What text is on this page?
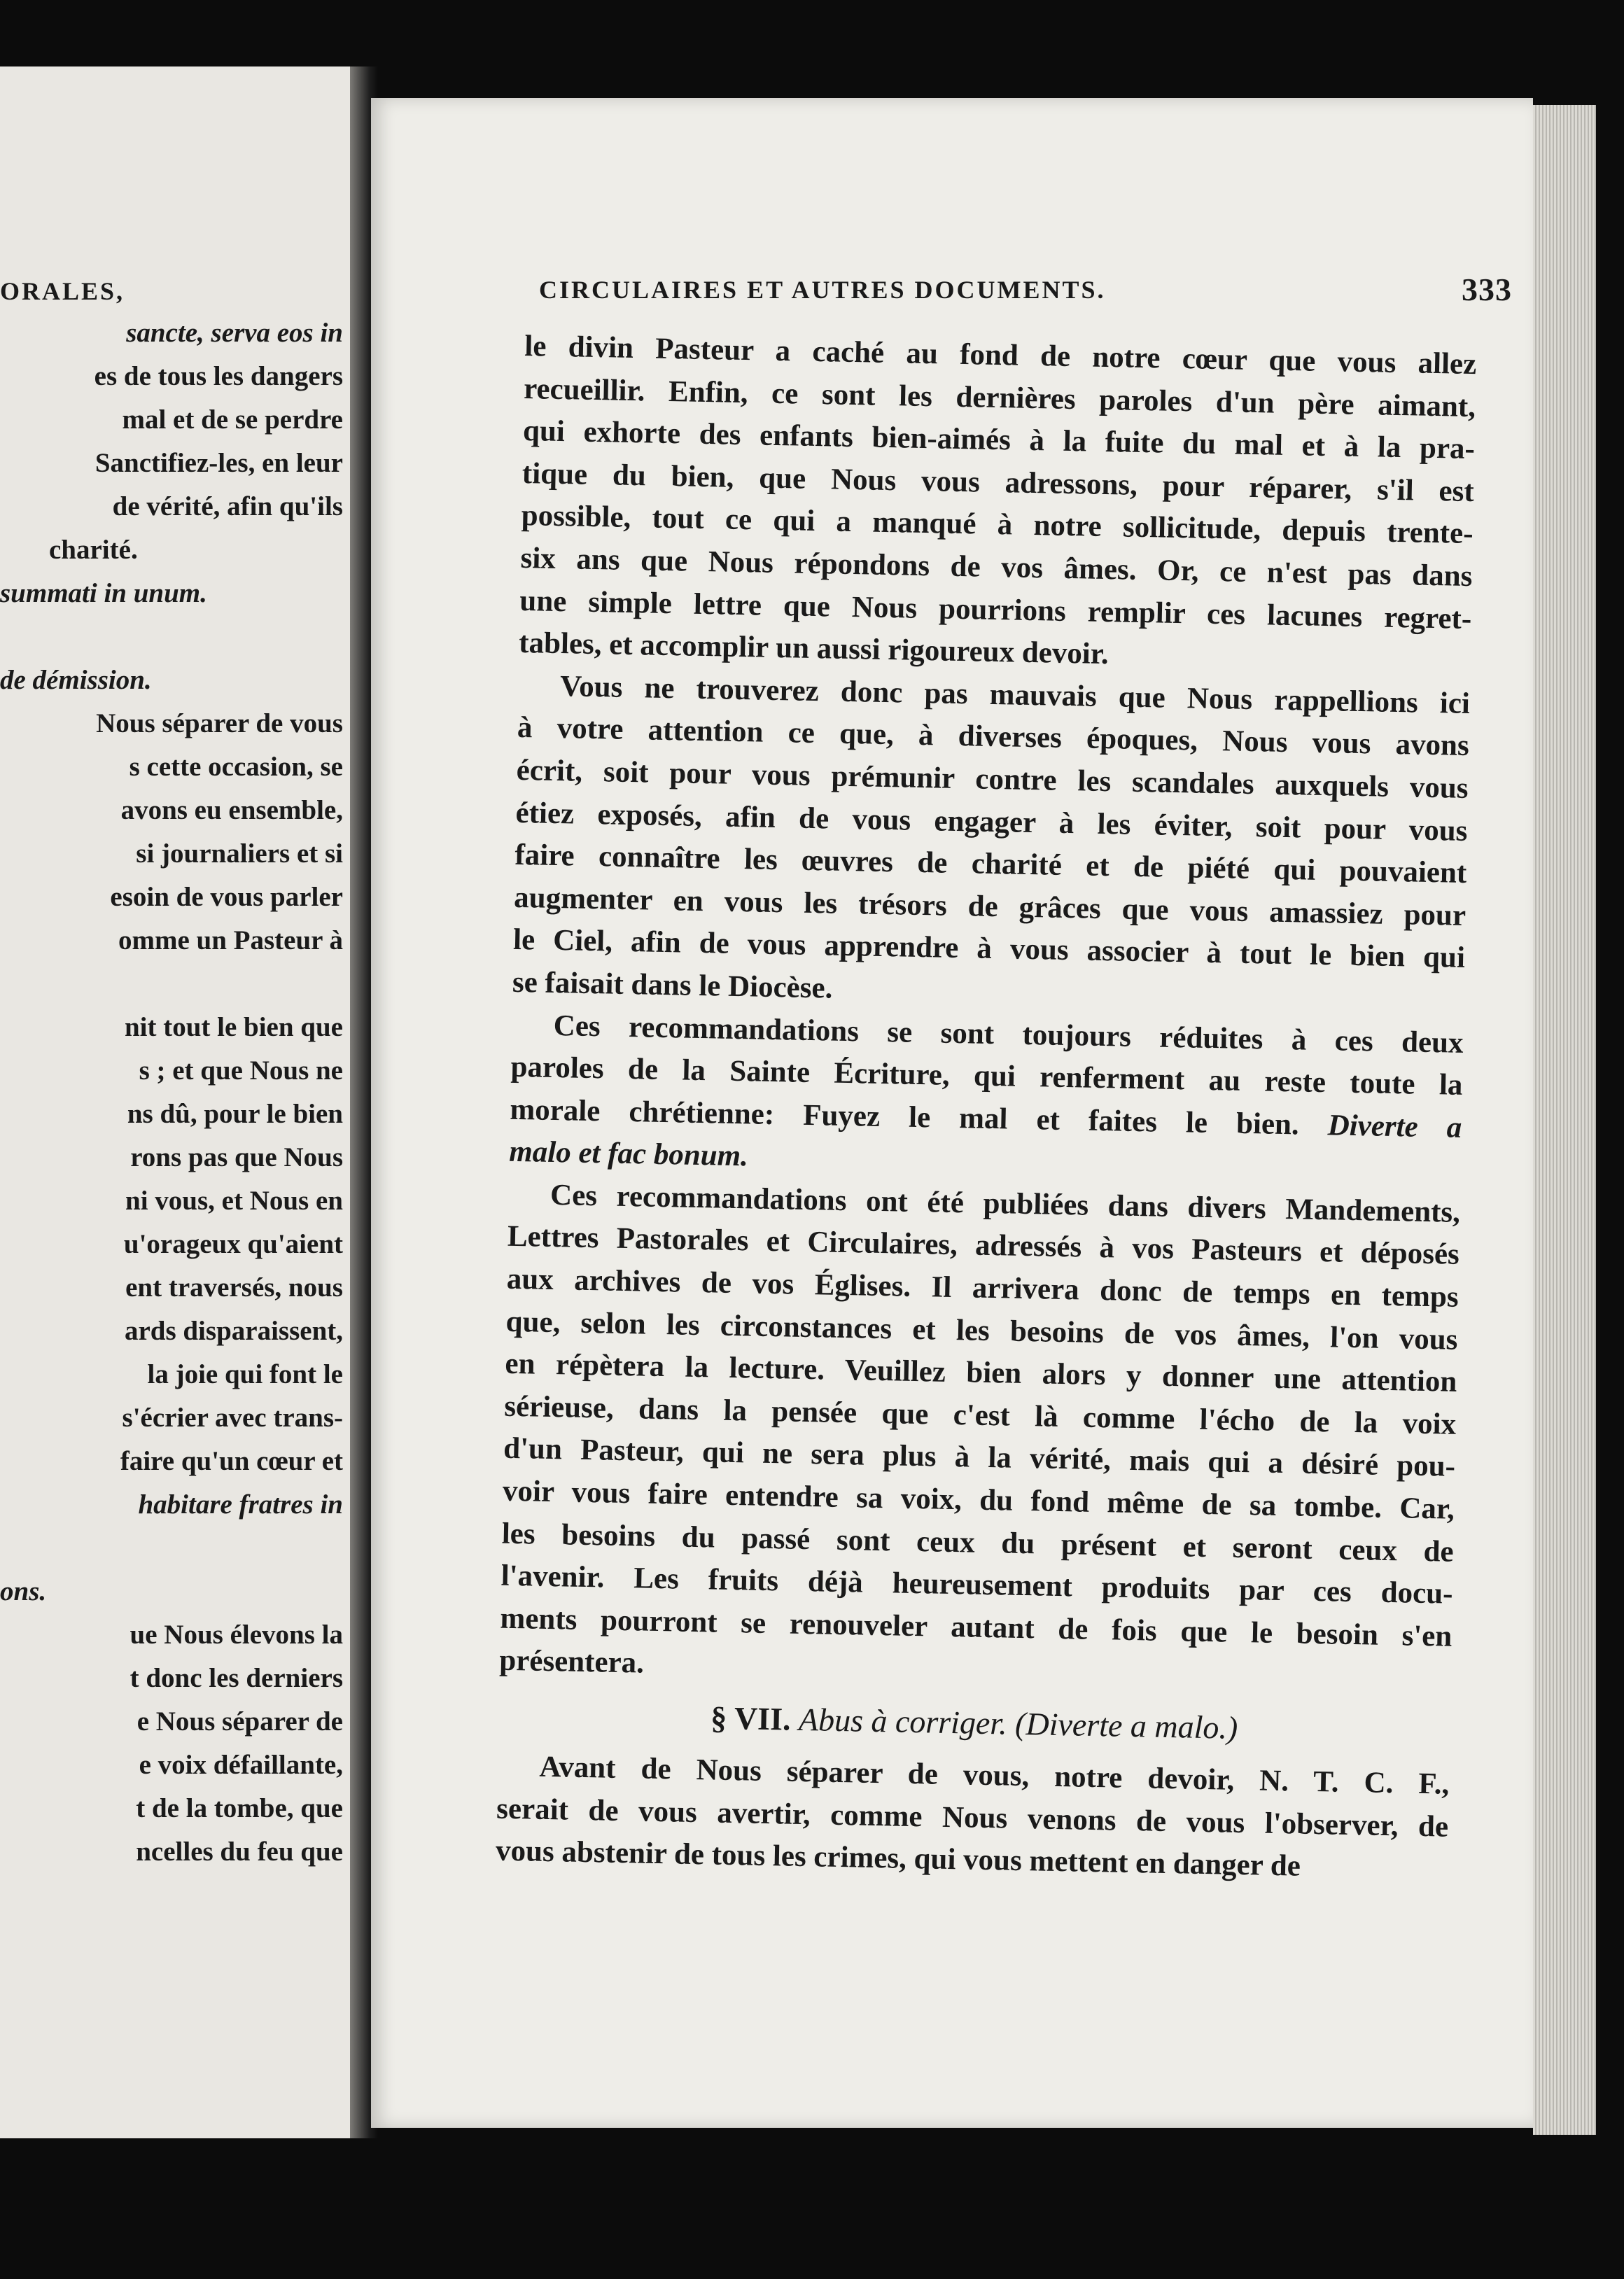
ORALES,
sancte, serva eos in
es de tous les dangers
mal et de se perdre
Sanctifiez-les, en leur
de vérité, afin qu'ils
charité.
summati in unum.
de démission.
Nous séparer de vous
s cette occasion, se
avons eu ensemble,
si journaliers et si
esoin de vous parler
omme un Pasteur à
nit tout le bien que
s ; et que Nous ne
ns dû, pour le bien
rons pas que Nous
ni vous, et Nous en
u'orageux qu'aient
ent traversés, nous
ards disparaissent,
la joie qui font le
s'écrier avec trans-
faire qu'un cœur et
habitare fratres in
ons.
ue Nous élevons la
t donc les derniers
e Nous séparer de
e voix défaillante,
t de la tombe, que
ncelles du feu que
CIRCULAIRES ET AUTRES DOCUMENTS.	333
le divin Pasteur a caché au fond de notre cœur que vous allez
recueillir. Enfin, ce sont les dernières paroles d'un père aimant,
qui exhorte des enfants bien-aimés à la fuite du mal et à la pra-
tique du bien, que Nous vous adressons, pour réparer, s'il est
possible, tout ce qui a manqué à notre sollicitude, depuis trente-
six ans que Nous répondons de vos âmes. Or, ce n'est pas dans
une simple lettre que Nous pourrions remplir ces lacunes regret-
tables, et accomplir un aussi rigoureux devoir.
Vous ne trouverez donc pas mauvais que Nous rappellions ici
à votre attention ce que, à diverses époques, Nous vous avons
écrit, soit pour vous prémunir contre les scandales auxquels vous
étiez exposés, afin de vous engager à les éviter, soit pour vous
faire connaître les œuvres de charité et de piété qui pouvaient
augmenter en vous les trésors de grâces que vous amassiez pour
le Ciel, afin de vous apprendre à vous associer à tout le bien qui
se faisait dans le Diocèse.
Ces recommandations se sont toujours réduites à ces deux
paroles de la Sainte Écriture, qui renferment au reste toute la
morale chrétienne: Fuyez le mal et faites le bien. Diverte a
malo et fac bonum.
Ces recommandations ont été publiées dans divers Mandements,
Lettres Pastorales et Circulaires, adressés à vos Pasteurs et déposés
aux archives de vos Églises. Il arrivera donc de temps en temps
que, selon les circonstances et les besoins de vos âmes, l'on vous
en répètera la lecture. Veuillez bien alors y donner une attention
sérieuse, dans la pensée que c'est là comme l'écho de la voix
d'un Pasteur, qui ne sera plus à la vérité, mais qui a désiré pou-
voir vous faire entendre sa voix, du fond même de sa tombe. Car,
les besoins du passé sont ceux du présent et seront ceux de
l'avenir. Les fruits déjà heureusement produits par ces docu-
ments pourront se renouveler autant de fois que le besoin s'en
présentera.
§ VII. Abus à corriger. (Diverte a malo.)
Avant de Nous séparer de vous, notre devoir, N. T. C. F.,
serait de vous avertir, comme Nous venons de vous l'observer, de
vous abstenir de tous les crimes, qui vous mettent en danger de
